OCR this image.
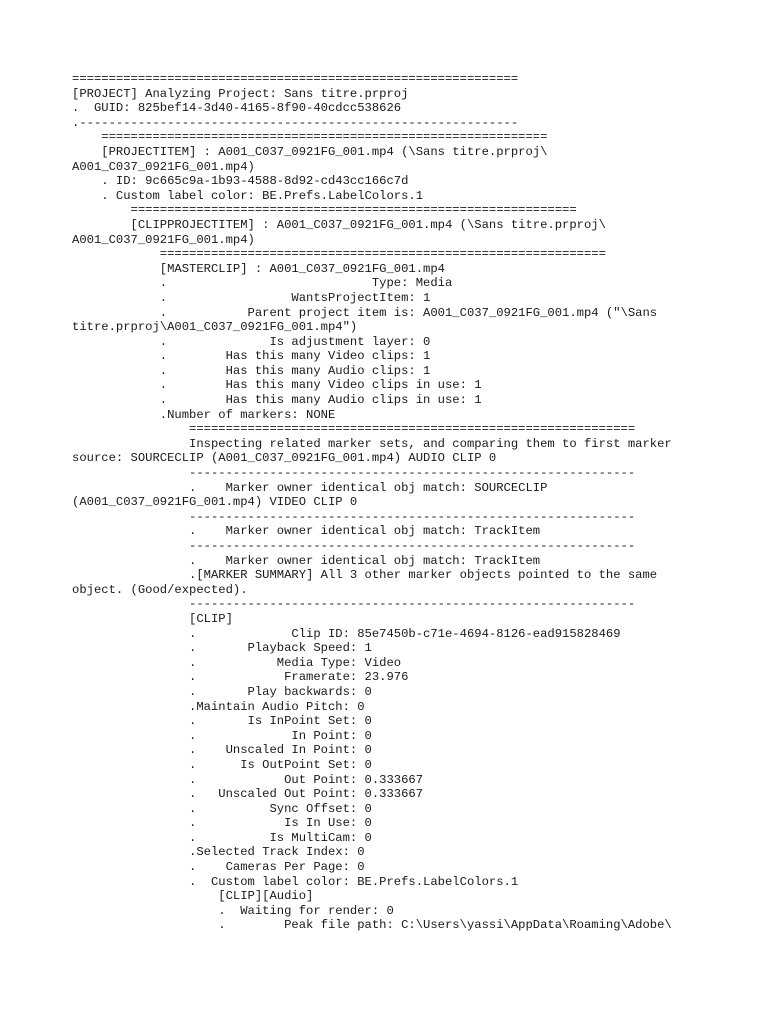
=============================================================
[PROJECT] Analyzing Project: Sans titre.prproj
.  GUID: 825bef14-3d40-4165-8f90-40cdcc538626
.------------------------------------------------------------
=============================================================
[PROJECTITEM] : A001_C037_0921FG_001.mp4 (\Sans titre.prproj\
A001_C037_0921FG_001.mp4)
. ID: 9c665c9a-1b93-4588-8d92-cd43cc166c7d
. Custom label color: BE.Prefs.LabelColors.1
=============================================================
[CLIPPROJECTITEM] : A001_C037_0921FG_001.mp4 (\Sans titre.prproj\
A001_C037_0921FG_001.mp4)
=============================================================
[MASTERCLIP] : A001_C037_0921FG_001.mp4
.                            Type: Media
.                 WantsProjectItem: 1
.           Parent project item is: A001_C037_0921FG_001.mp4 ("\Sans
titre.prproj\A001_C037_0921FG_001.mp4")
.              Is adjustment layer: 0
.        Has this many Video clips: 1
.        Has this many Audio clips: 1
.        Has this many Video clips in use: 1
.        Has this many Audio clips in use: 1
.Number of markers: NONE
=============================================================
Inspecting related marker sets, and comparing them to first marker
source: SOURCECLIP (A001_C037_0921FG_001.mp4) AUDIO CLIP 0
-------------------------------------------------------------
.    Marker owner identical obj match: SOURCECLIP
(A001_C037_0921FG_001.mp4) VIDEO CLIP 0
-------------------------------------------------------------
.    Marker owner identical obj match: TrackItem
-------------------------------------------------------------
.    Marker owner identical obj match: TrackItem
.[MARKER SUMMARY] All 3 other marker objects pointed to the same
object. (Good/expected).
-------------------------------------------------------------
[CLIP]
.             Clip ID: 85e7450b-c71e-4694-8126-ead915828469
.       Playback Speed: 1
.           Media Type: Video
.            Framerate: 23.976
.       Play backwards: 0
.Maintain Audio Pitch: 0
.       Is InPoint Set: 0
.             In Point: 0
.    Unscaled In Point: 0
.      Is OutPoint Set: 0
.            Out Point: 0.333667
.   Unscaled Out Point: 0.333667
.          Sync Offset: 0
.            Is In Use: 0
.          Is MultiCam: 0
.Selected Track Index: 0
.    Cameras Per Page: 0
.  Custom label color: BE.Prefs.LabelColors.1
[CLIP][Audio]
.  Waiting for render: 0
.        Peak file path: C:\Users\yassi\AppData\Roaming\Adobe\
